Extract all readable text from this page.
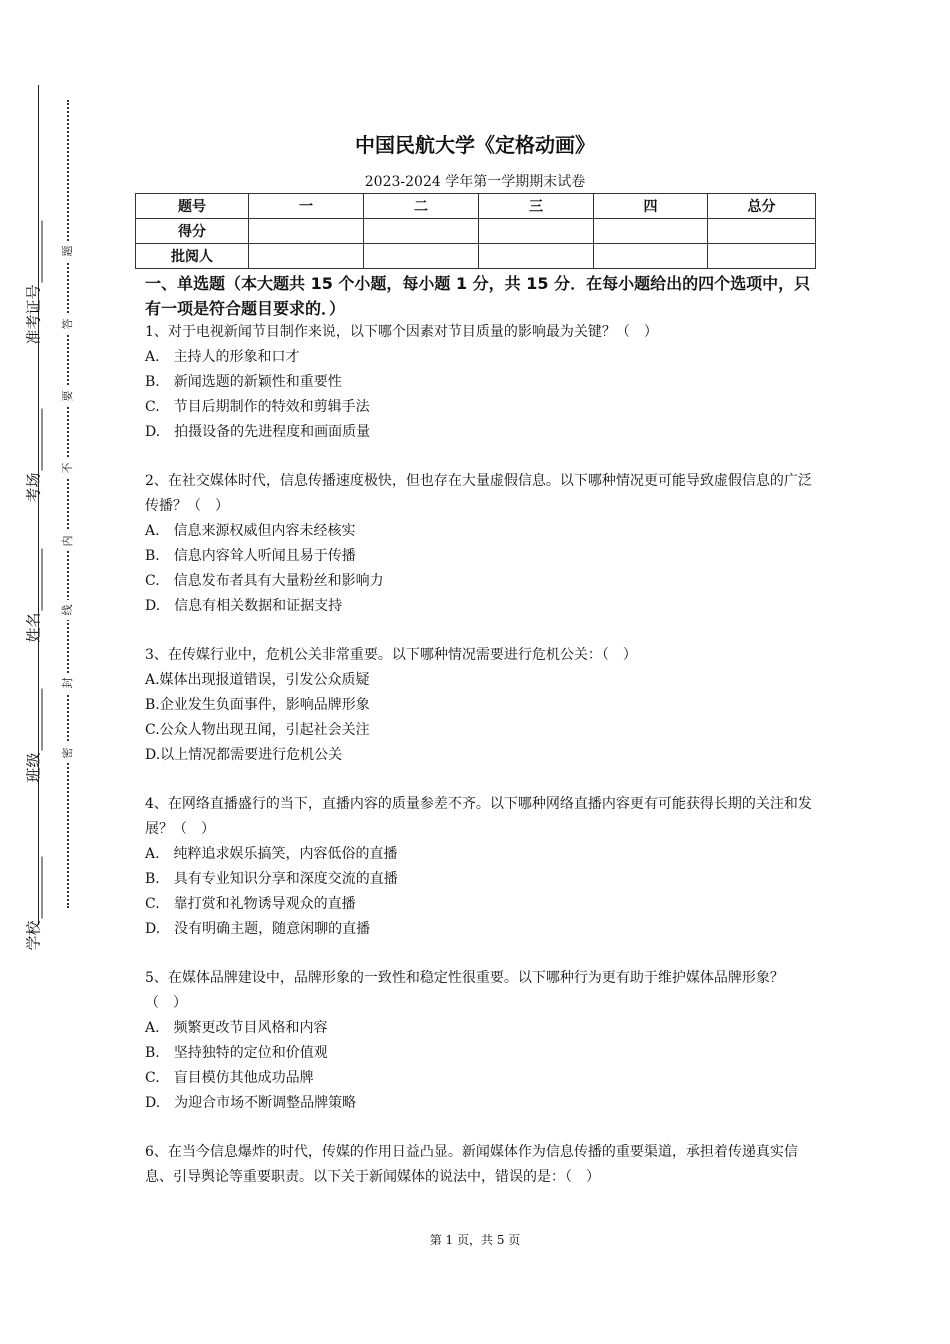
准考证号
考场
姓名
班级
学校
题
答
要
不
内
线
封
密
中国民航大学《定格动画》
2023-2024 学年第一学期期末试卷
题号	一	二	三	四	总分
得分					
批阅人					
一、单选题（本大题共 15 个小题，每小题 1 分，共 15 分．在每小题给出的四个选项中，只有一项是符合题目要求的．）

1、对于电视新闻节目制作来说，以下哪个因素对节目质量的影响最为关键？（　）

A.　主持人的形象和口才

B.　新闻选题的新颖性和重要性

C.　节目后期制作的特效和剪辑手法

D.　拍摄设备的先进程度和画面质量

2、在社交媒体时代，信息传播速度极快，但也存在大量虚假信息。以下哪种情况更可能导致虚假信息的广泛传播？（　）

A.　信息来源权威但内容未经核实

B.　信息内容耸人听闻且易于传播

C.　信息发布者具有大量粉丝和影响力

D.　信息有相关数据和证据支持

3、在传媒行业中，危机公关非常重要。以下哪种情况需要进行危机公关：（　）

A.媒体出现报道错误，引发公众质疑

B.企业发生负面事件，影响品牌形象

C.公众人物出现丑闻，引起社会关注

D.以上情况都需要进行危机公关

4、在网络直播盛行的当下，直播内容的质量参差不齐。以下哪种网络直播内容更有可能获得长期的关注和发展？（　）

A.　纯粹追求娱乐搞笑，内容低俗的直播

B.　具有专业知识分享和深度交流的直播

C.　靠打赏和礼物诱导观众的直播

D.　没有明确主题，随意闲聊的直播

5、在媒体品牌建设中，品牌形象的一致性和稳定性很重要。以下哪种行为更有助于维护媒体品牌形象？（　）

A.　频繁更改节目风格和内容

B.　坚持独特的定位和价值观

C.　盲目模仿其他成功品牌

D.　为迎合市场不断调整品牌策略

6、在当今信息爆炸的时代，传媒的作用日益凸显。新闻媒体作为信息传播的重要渠道，承担着传递真实信息、引导舆论等重要职责。以下关于新闻媒体的说法中，错误的是：（　）

第 1 页，共 5 页
